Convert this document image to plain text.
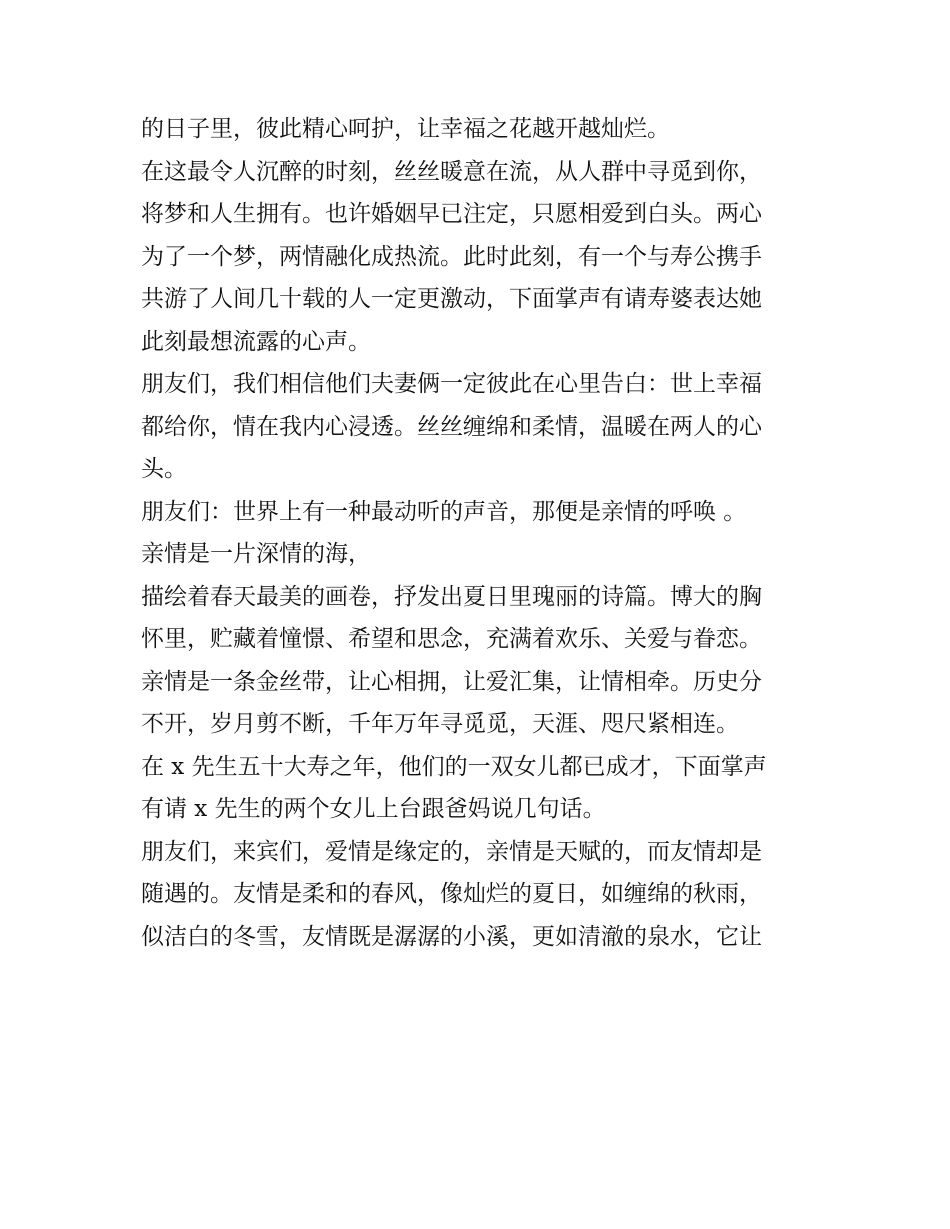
的日子里，彼此精心呵护，让幸福之花越开越灿烂。
在这最令人沉醉的时刻，丝丝暖意在流，从人群中寻觅到你，
将梦和人生拥有。也许婚姻早已注定，只愿相爱到白头。两心
为了一个梦，两情融化成热流。此时此刻，有一个与寿公携手
共游了人间几十载的人一定更激动，下面掌声有请寿婆表达她
此刻最想流露的心声。
朋友们，我们相信他们夫妻俩一定彼此在心里告白：世上幸福
都给你，情在我内心浸透。丝丝缠绵和柔情，温暖在两人的心
头。
朋友们：世界上有一种最动听的声音，那便是亲情的呼唤 。
亲情是一片深情的海，
描绘着春天最美的画卷，抒发出夏日里瑰丽的诗篇。博大的胸
怀里，贮藏着憧憬、希望和思念，充满着欢乐、关爱与眷恋。
亲情是一条金丝带，让心相拥，让爱汇集，让情相牵。历史分
不开，岁月剪不断，千年万年寻觅觅，天涯、咫尺紧相连。
在 x 先生五十大寿之年，他们的一双女儿都已成才，下面掌声
有请 x 先生的两个女儿上台跟爸妈说几句话。
朋友们，来宾们，爱情是缘定的，亲情是天赋的，而友情却是
随遇的。友情是柔和的春风，像灿烂的夏日，如缠绵的秋雨，
似洁白的冬雪，友情既是潺潺的小溪，更如清澈的泉水，它让
